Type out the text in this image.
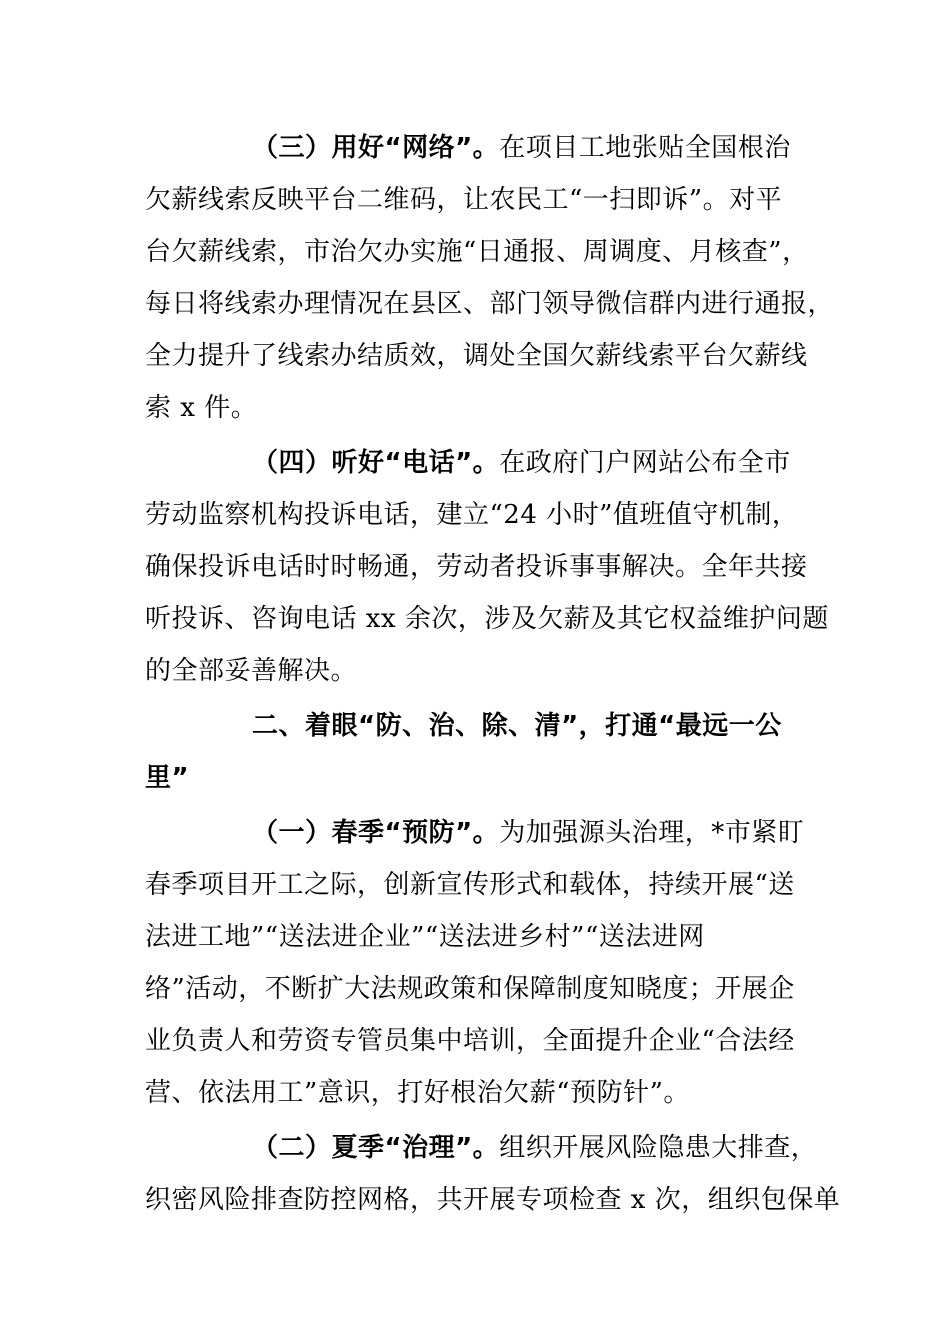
（三）用好“网络”。在项目工地张贴全国根治
欠薪线索反映平台二维码，让农民工“一扫即诉”。对平
台欠薪线索，市治欠办实施“日通报、周调度、月核查”，
每日将线索办理情况在县区、部门领导微信群内进行通报，
全力提升了线索办结质效，调处全国欠薪线索平台欠薪线
索 x 件。
（四）听好“电话”。在政府门户网站公布全市
劳动监察机构投诉电话，建立“24 小时”值班值守机制，
确保投诉电话时时畅通，劳动者投诉事事解决。全年共接
听投诉、咨询电话 xx 余次，涉及欠薪及其它权益维护问题
的全部妥善解决。
二、着眼“防、治、除、清”，打通“最远一公
里”
（一）春季“预防”。为加强源头治理，*市紧盯
春季项目开工之际，创新宣传形式和载体，持续开展“送
法进工地”“送法进企业”“送法进乡村”“送法进网
络”活动，不断扩大法规政策和保障制度知晓度；开展企
业负责人和劳资专管员集中培训，全面提升企业“合法经
营、依法用工”意识，打好根治欠薪“预防针”。
（二）夏季“治理”。组织开展风险隐患大排查，
织密风险排查防控网格，共开展专项检查 x 次，组织包保单
